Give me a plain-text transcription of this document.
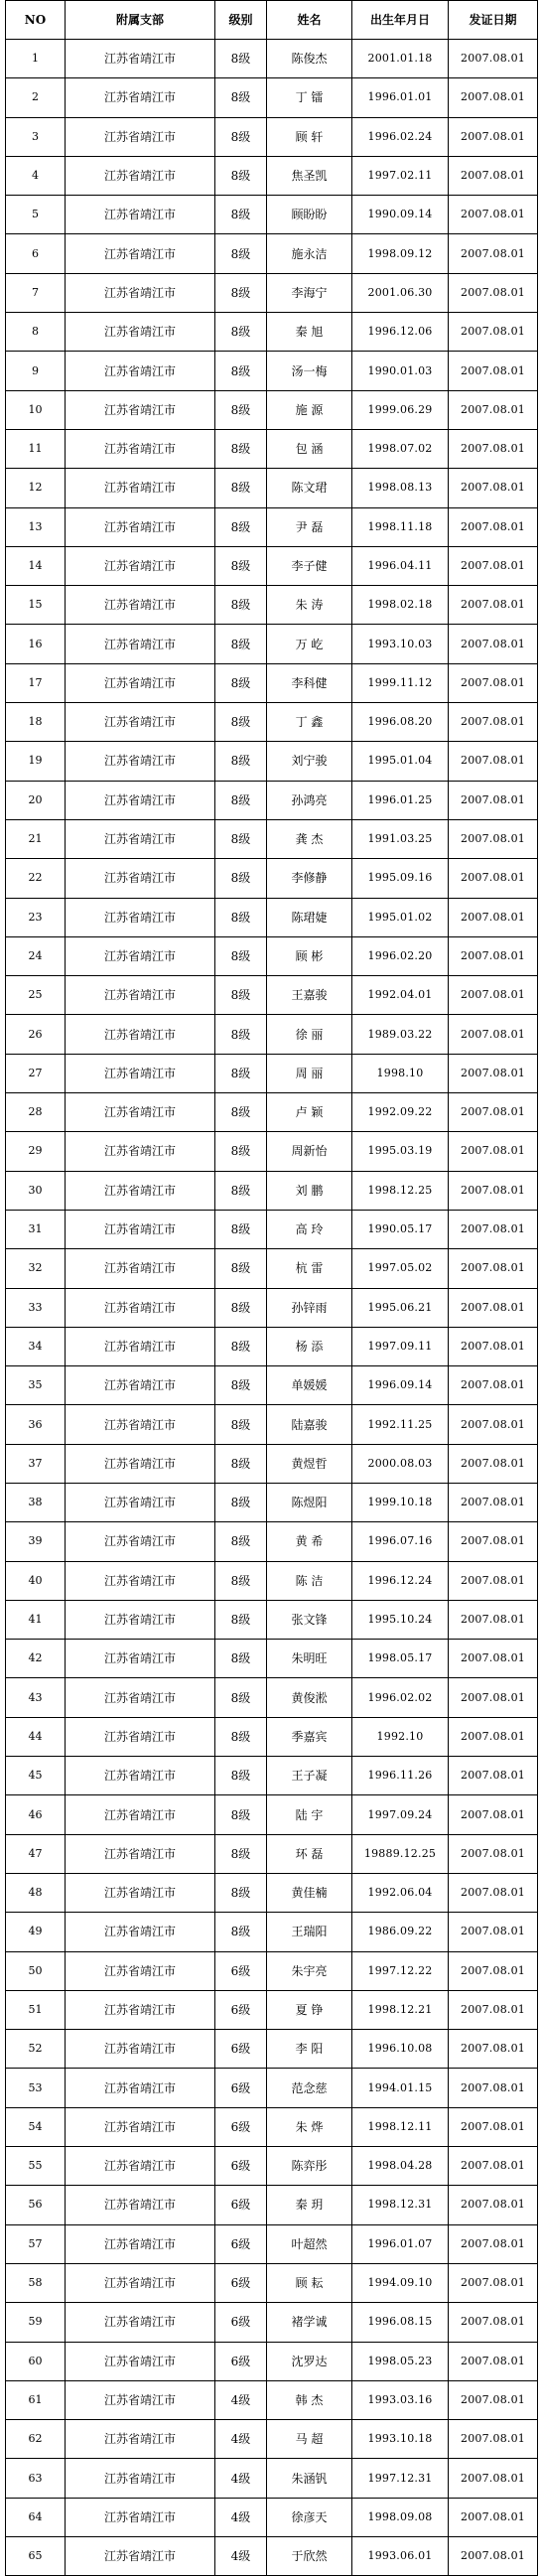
NO	附属支部	级别	姓名	出生年月日	发证日期
1	江苏省靖江市	8级	陈俊杰	2001.01.18	2007.08.01
2	江苏省靖江市	8级	丁 镭	1996.01.01	2007.08.01
3	江苏省靖江市	8级	顾 轩	1996.02.24	2007.08.01
4	江苏省靖江市	8级	焦圣凯	1997.02.11	2007.08.01
5	江苏省靖江市	8级	顾盼盼	1990.09.14	2007.08.01
6	江苏省靖江市	8级	施永洁	1998.09.12	2007.08.01
7	江苏省靖江市	8级	李海宁	2001.06.30	2007.08.01
8	江苏省靖江市	8级	秦 旭	1996.12.06	2007.08.01
9	江苏省靖江市	8级	汤一梅	1990.01.03	2007.08.01
10	江苏省靖江市	8级	施 源	1999.06.29	2007.08.01
11	江苏省靖江市	8级	包 涵	1998.07.02	2007.08.01
12	江苏省靖江市	8级	陈文珺	1998.08.13	2007.08.01
13	江苏省靖江市	8级	尹 磊	1998.11.18	2007.08.01
14	江苏省靖江市	8级	李子健	1996.04.11	2007.08.01
15	江苏省靖江市	8级	朱 涛	1998.02.18	2007.08.01
16	江苏省靖江市	8级	万 屹	1993.10.03	2007.08.01
17	江苏省靖江市	8级	李科健	1999.11.12	2007.08.01
18	江苏省靖江市	8级	丁 鑫	1996.08.20	2007.08.01
19	江苏省靖江市	8级	刘宁骏	1995.01.04	2007.08.01
20	江苏省靖江市	8级	孙鸿亮	1996.01.25	2007.08.01
21	江苏省靖江市	8级	龚 杰	1991.03.25	2007.08.01
22	江苏省靖江市	8级	李修静	1995.09.16	2007.08.01
23	江苏省靖江市	8级	陈珺婕	1995.01.02	2007.08.01
24	江苏省靖江市	8级	顾 彬	1996.02.20	2007.08.01
25	江苏省靖江市	8级	王嘉骏	1992.04.01	2007.08.01
26	江苏省靖江市	8级	徐 丽	1989.03.22	2007.08.01
27	江苏省靖江市	8级	周 丽	1998.10	2007.08.01
28	江苏省靖江市	8级	卢 颖	1992.09.22	2007.08.01
29	江苏省靖江市	8级	周新怡	1995.03.19	2007.08.01
30	江苏省靖江市	8级	刘 鹏	1998.12.25	2007.08.01
31	江苏省靖江市	8级	高 玲	1990.05.17	2007.08.01
32	江苏省靖江市	8级	杭 雷	1997.05.02	2007.08.01
33	江苏省靖江市	8级	孙锌雨	1995.06.21	2007.08.01
34	江苏省靖江市	8级	杨 添	1997.09.11	2007.08.01
35	江苏省靖江市	8级	单媛媛	1996.09.14	2007.08.01
36	江苏省靖江市	8级	陆嘉骏	1992.11.25	2007.08.01
37	江苏省靖江市	8级	黄煜哲	2000.08.03	2007.08.01
38	江苏省靖江市	8级	陈煜阳	1999.10.18	2007.08.01
39	江苏省靖江市	8级	黄 希	1996.07.16	2007.08.01
40	江苏省靖江市	8级	陈 洁	1996.12.24	2007.08.01
41	江苏省靖江市	8级	张文锋	1995.10.24	2007.08.01
42	江苏省靖江市	8级	朱明旺	1998.05.17	2007.08.01
43	江苏省靖江市	8级	黄俊淞	1996.02.02	2007.08.01
44	江苏省靖江市	8级	季嘉宾	1992.10	2007.08.01
45	江苏省靖江市	8级	王子凝	1996.11.26	2007.08.01
46	江苏省靖江市	8级	陆 宇	1997.09.24	2007.08.01
47	江苏省靖江市	8级	环 磊	19889.12.25	2007.08.01
48	江苏省靖江市	8级	黄佳楠	1992.06.04	2007.08.01
49	江苏省靖江市	8级	王瑞阳	1986.09.22	2007.08.01
50	江苏省靖江市	6级	朱宇亮	1997.12.22	2007.08.01
51	江苏省靖江市	6级	夏 铮	1998.12.21	2007.08.01
52	江苏省靖江市	6级	李 阳	1996.10.08	2007.08.01
53	江苏省靖江市	6级	范念慈	1994.01.15	2007.08.01
54	江苏省靖江市	6级	朱 烨	1998.12.11	2007.08.01
55	江苏省靖江市	6级	陈弈彤	1998.04.28	2007.08.01
56	江苏省靖江市	6级	秦 玥	1998.12.31	2007.08.01
57	江苏省靖江市	6级	叶超然	1996.01.07	2007.08.01
58	江苏省靖江市	6级	顾 耘	1994.09.10	2007.08.01
59	江苏省靖江市	6级	褚学诚	1996.08.15	2007.08.01
60	江苏省靖江市	6级	沈罗达	1998.05.23	2007.08.01
61	江苏省靖江市	4级	韩 杰	1993.03.16	2007.08.01
62	江苏省靖江市	4级	马 超	1993.10.18	2007.08.01
63	江苏省靖江市	4级	朱涵钒	1997.12.31	2007.08.01
64	江苏省靖江市	4级	徐彦天	1998.09.08	2007.08.01
65	江苏省靖江市	4级	于欣然	1993.06.01	2007.08.01
